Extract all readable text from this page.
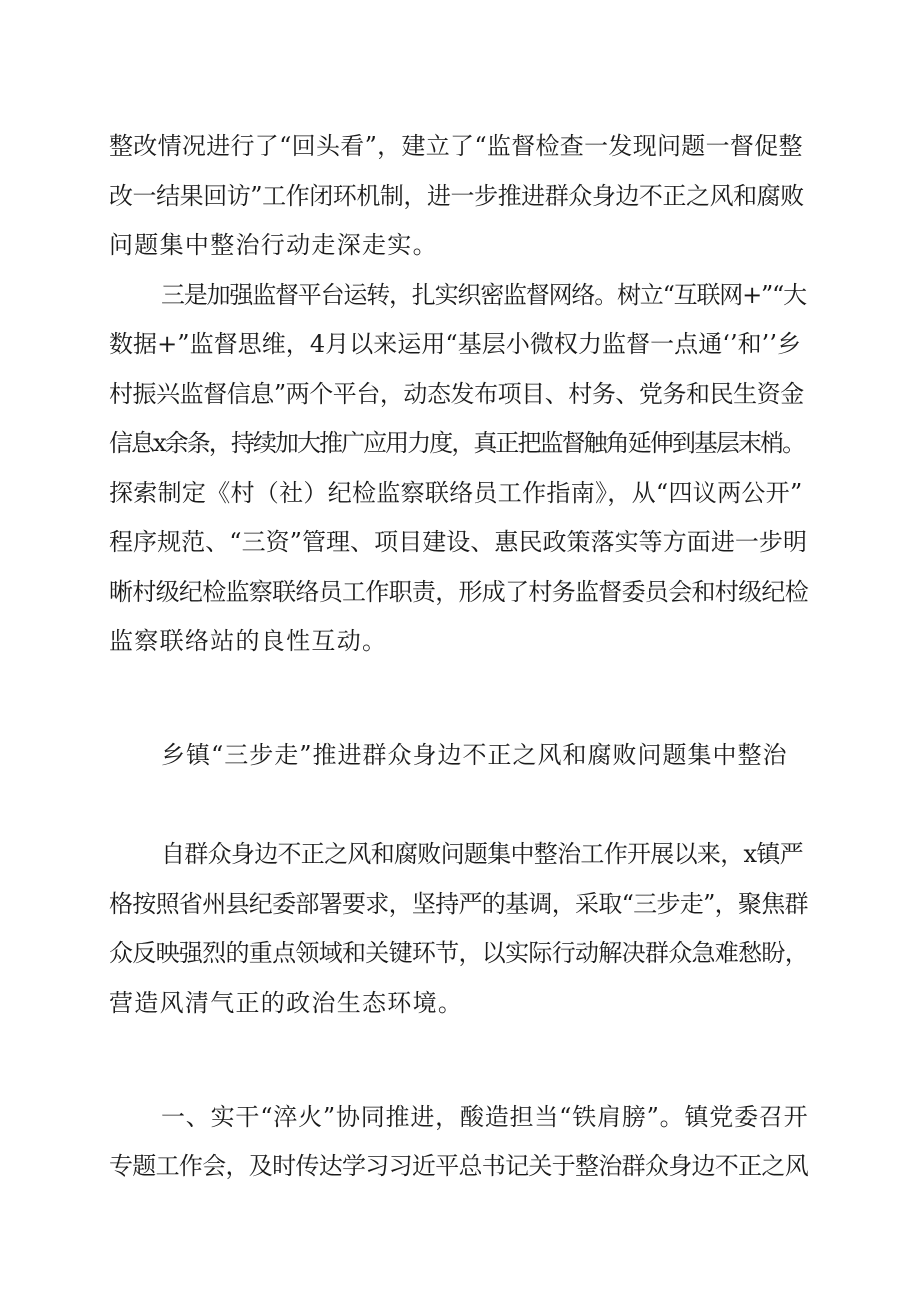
整改情况进行了“回头看”，建立了“监督检查一发现问题一督促整
改一结果回访”工作闭环机制，进一步推进群众身边不正之风和腐败
问题集中整治行动走深走实。
三是加强监督平台运转，扎实织密监督网络。树立“互联网+”“大
数据+”监督思维，4月以来运用“基层小微权力监督一点通‘’和’’乡
村振兴监督信息”两个平台，动态发布项目、村务、党务和民生资金
信息x余条，持续加大推广应用力度，真正把监督触角延伸到基层末梢。
探索制定《村（社）纪检监察联络员工作指南》，从“四议两公开”
程序规范、“三资”管理、项目建设、惠民政策落实等方面进一步明
晰村级纪检监察联络员工作职责，形成了村务监督委员会和村级纪检
监察联络站的良性互动。
乡镇“三步走”推进群众身边不正之风和腐败问题集中整治
自群众身边不正之风和腐败问题集中整治工作开展以来，x镇严
格按照省州县纪委部署要求，坚持严的基调，采取“三步走”，聚焦群
众反映强烈的重点领域和关键环节，以实际行动解决群众急难愁盼，
营造风清气正的政治生态环境。
一、实干“淬火”协同推进，酸造担当“铁肩膀”。镇党委召开
专题工作会，及时传达学习习近平总书记关于整治群众身边不正之风
